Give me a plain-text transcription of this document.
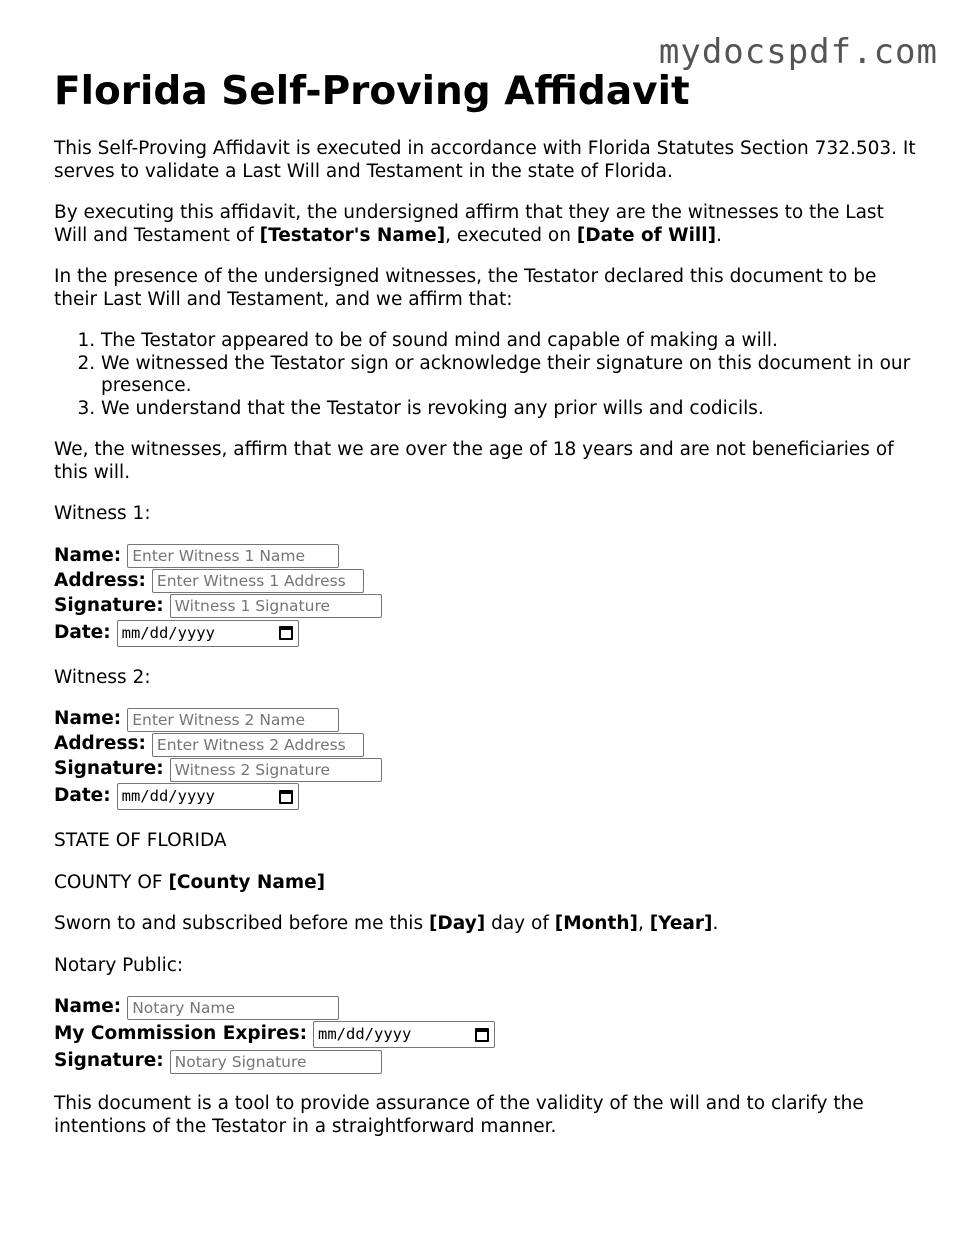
mydocspdf.com
Florida Self-Proving Affidavit

This Self-Proving Affidavit is executed in accordance with Florida Statutes Section 732.503. It serves to validate a Last Will and Testament in the state of Florida.

By executing this affidavit, the undersigned affirm that they are the witnesses to the Last Will and Testament of [Testator's Name], executed on [Date of Will].

In the presence of the undersigned witnesses, the Testator declared this document to be their Last Will and Testament, and we affirm that:

1. The Testator appeared to be of sound mind and capable of making a will.
2. We witnessed the Testator sign or acknowledge their signature on this document in our presence.
3. We understand that the Testator is revoking any prior wills and codicils.

We, the witnesses, affirm that we are over the age of 18 years and are not beneficiaries of this will.

Witness 1:

Name:
Enter Witness 1 Name
Address:
Enter Witness 1 Address
Signature:
Witness 1 Signature
Date: mm/dd/yyyy

Witness 2:

Name:
Enter Witness 2 Name
Address:
Enter Witness 2 Address
Signature:
Witness 2 Signature
Date: mm/dd/yyyy

STATE OF FLORIDA

COUNTY OF [County Name]

Sworn to and subscribed before me this [Day] day of [Month], [Year].

Notary Public:

Name:
Notary Name
My Commission Expires: mm/dd/yyyy
Signature:
Notary Signature

This document is a tool to provide assurance of the validity of the will and to clarify the intentions of the Testator in a straightforward manner.
